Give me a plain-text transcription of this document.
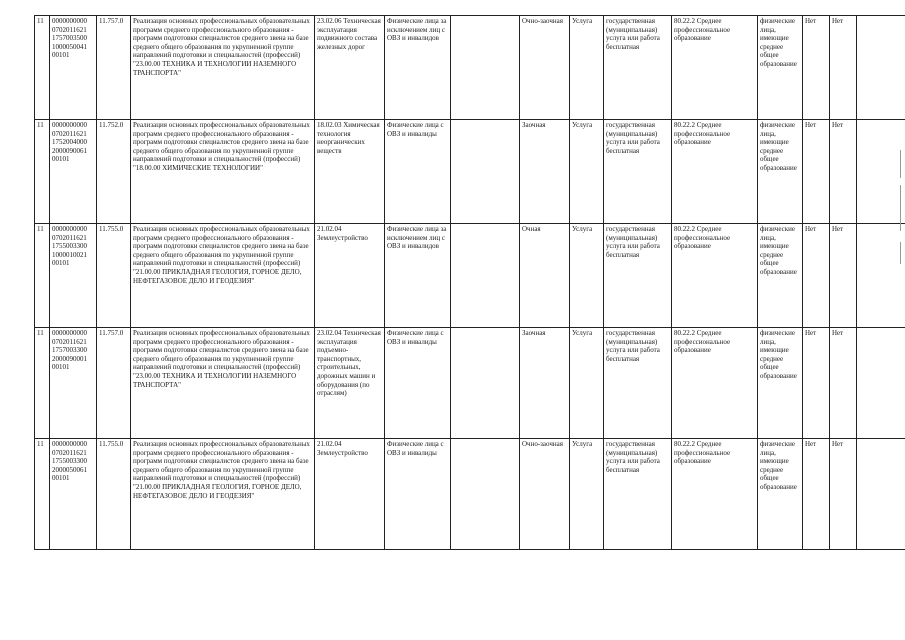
11	0000000000 0702011621 1757003500 1000050041 00101	11.757.0	Реализация основных профессиональных образовательных программ среднего профессионального образования - программ подготовки специалистов среднего звена на базе среднего общего образования по укрупненной группе направлений подготовки и специальностей (профессий) "23.00.00 ТЕХНИКА И ТЕХНОЛОГИИ НАЗЕМНОГО ТРАНСПОРТА"	23.02.06 Техническая эксплуатация подвижного состава железных дорог	Физические лица за исключением лиц с ОВЗ и инвалидов		Очно-заочная	Услуга	государственная (муниципальная) услуга или работа бесплатная	80.22.2 Среднее профессиональное образование	физические лица, имеющие среднее общее образование	Нет	Нет	
11	0000000000 0702011621 1752004000 2000090061 00101	11.752.0	Реализация основных профессиональных образовательных программ среднего профессионального образования - программ подготовки специалистов среднего звена на базе среднего общего образования по укрупненной группе направлений подготовки и специальностей (профессий) "18.00.00 ХИМИЧЕСКИЕ ТЕХНОЛОГИИ"	18.02.03 Химическая технология неорганических веществ	Физические лица с ОВЗ и инвалиды		Заочная	Услуга	государственная (муниципальная) услуга или работа бесплатная	80.22.2 Среднее профессиональное образование	физические лица, имеющие среднее общее образование	Нет	Нет	
11	0000000000 0702011621 1755003300 1000010021 00101	11.755.0	Реализация основных профессиональных образовательных программ среднего профессионального образования - программ подготовки специалистов среднего звена на базе среднего общего образования по укрупненной группе направлений подготовки и специальностей (профессий) "21.00.00 ПРИКЛАДНАЯ ГЕОЛОГИЯ, ГОРНОЕ ДЕЛО, НЕФТЕГАЗОВОЕ ДЕЛО И ГЕОДЕЗИЯ"	21.02.04 Землеустройство	Физические лица за исключением лиц с ОВЗ и инвалидов		Очная	Услуга	государственная (муниципальная) услуга или работа бесплатная	80.22.2 Среднее профессиональное образование	физические лица, имеющие среднее общее образование	Нет	Нет	
11	0000000000 0702011621 1757003300 2000090001 00101	11.757.0	Реализация основных профессиональных образовательных программ среднего профессионального образования - программ подготовки специалистов среднего звена на базе среднего общего образования по укрупненной группе направлений подготовки и специальностей (профессий) "23.00.00 ТЕХНИКА И ТЕХНОЛОГИИ НАЗЕМНОГО ТРАНСПОРТА"	23.02.04 Техническая эксплуатация подъемно-транспортных, строительных, дорожных машин и оборудования (по отраслям)	Физические лица с ОВЗ и инвалиды		Заочная	Услуга	государственная (муниципальная) услуга или работа бесплатная	80.22.2 Среднее профессиональное образование	физические лица, имеющие среднее общее образование	Нет	Нет	
11	0000000000 0702011621 1755003300 2000050061 00101	11.755.0	Реализация основных профессиональных образовательных программ среднего профессионального образования - программ подготовки специалистов среднего звена на базе среднего общего образования по укрупненной группе направлений подготовки и специальностей (профессий) "21.00.00 ПРИКЛАДНАЯ ГЕОЛОГИЯ, ГОРНОЕ ДЕЛО, НЕФТЕГАЗОВОЕ ДЕЛО И ГЕОДЕЗИЯ"	21.02.04 Землеустройство	Физические лица с ОВЗ и инвалиды		Очно-заочная	Услуга	государственная (муниципальная) услуга или работа бесплатная	80.22.2 Среднее профессиональное образование	физические лица, имеющие среднее общее образование	Нет	Нет	
